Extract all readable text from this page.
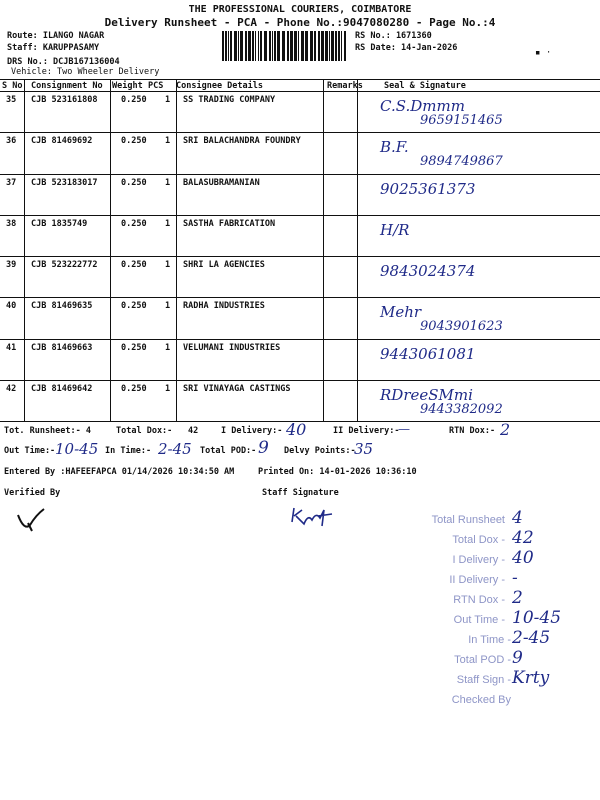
THE PROFESSIONAL COURIERS, COIMBATORE
Delivery Runsheet - PCA - Phone No.:9047080280 - Page No.:4
Route: ILANGO NAGAR
Staff: KARUPPASAMY
DRS No.: DCJB167136004
Vehicle: Two Wheeler Delivery
RS No.: 1671360
RS Date: 14-Jan-2026	▪ ·
S No Consignment No Weight PCS Consignee Details	Remarks Seal & Signature
35 CJB 523161808	0.250 1 SS TRADING COMPANY	C.S.Dmmm
9659151465
36 CJB 81469692	0.250 1 SRI BALACHANDRA FOUNDRY	B.F.
9894749867
37 CJB 523183017	0.250 1 BALASUBRAMANIAN	9025361373
38 CJB 1835749	0.250 1 SASTHA FABRICATION	H/R
39 CJB 523222772	0.250 1 SHRI LA AGENCIES	9843024374
40 CJB 81469635	0.250 1 RADHA INDUSTRIES	Mehr
9043901623
41 CJB 81469663	0.250 1 VELUMANI INDUSTRIES	9443061081
42 CJB 81469642	0.250 1 SRI VINAYAGA CASTINGS	RDreeSMmi
9443382092
Tot. Runsheet:- 4	Total Dox:- 42	I Delivery:- 40	II Delivery:-
—	RTN Dox:- 2
Out Time:- 10-45 In Time:- 2-45 Total POD:- 9 Delvy Points:-
35
Entered By :HAFEEFAPCA 01/14/2026 10:34:50 AM	Printed On: 14-01-2026 10:36:10
Verified By	Staff Signature
Total Runsheet 4
Total Dox - 42
I Delivery - 40
II Delivery - -
RTN Dox - 2
Out Time - 10-45
In Time - 2-45
Total POD - 9
Staff Sign - Krty
Checked By
